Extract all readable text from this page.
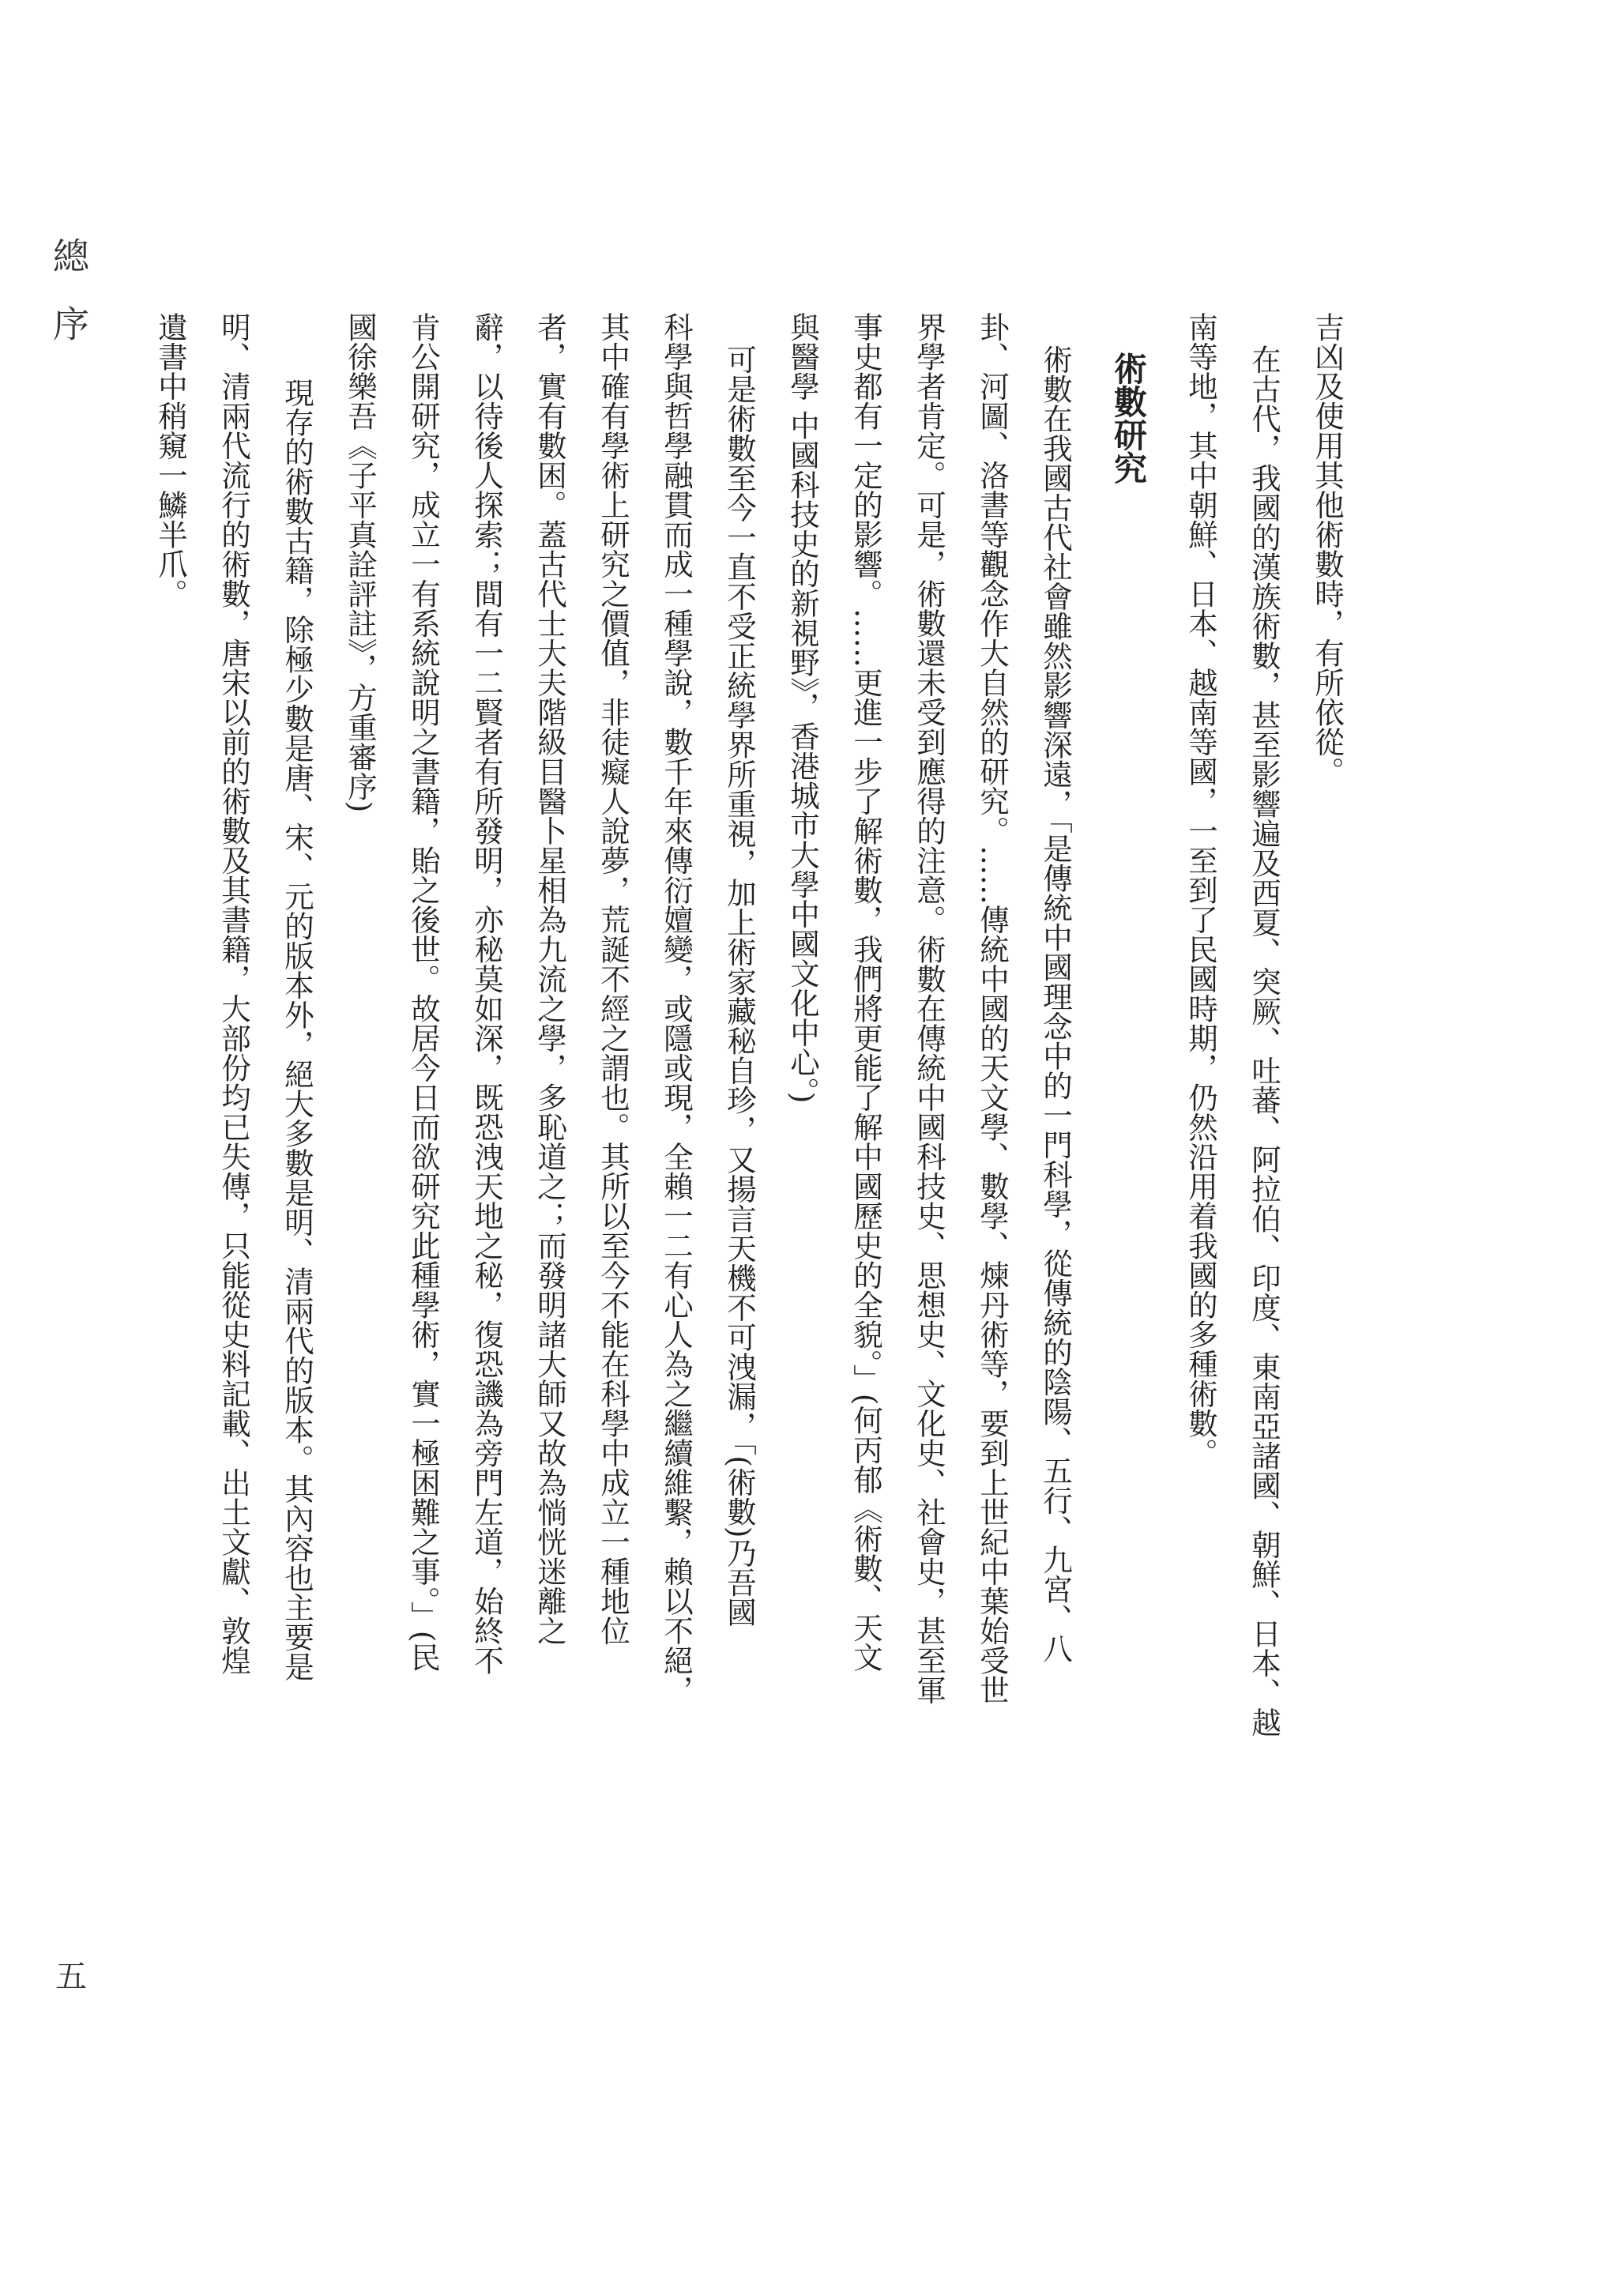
總序
吉凶及使用其他術數時，有所依從。
在古代，我國的漢族術數，甚至影響遍及西夏、突厥、吐蕃、阿拉伯、印度、東南亞諸國、朝鮮、日本、越
南等地，其中朝鮮、日本、越南等國，一至到了民國時期，仍然沿用着我國的多種術數。
術數研究
術數在我國古代社會雖然影響深遠，「是傳統中國理念中的一門科學，從傳統的陰陽、五行、九宮、八
卦、河圖、洛書等觀念作大自然的研究。……傳統中國的天文學、數學、煉丹術等，要到上世紀中葉始受世
界學者肯定。可是，術數還未受到應得的注意。術數在傳統中國科技史、思想史、文化史、社會史，甚至軍
事史都有一定的影響。……更進一步了解術數，我們將更能了解中國歷史的全貌。」(何丙郁《術數、天文
與醫學 中國科技史的新視野》，香港城市大學中國文化中心。)
可是術數至今一直不受正統學界所重視，加上術家藏秘自珍，又揚言天機不可洩漏，「(術數)乃吾國
科學與哲學融貫而成一種學說，數千年來傳衍嬗變，或隱或現，全賴一二有心人為之繼續維繫，賴以不絕，
其中確有學術上研究之價值，非徒癡人說夢，荒誕不經之謂也。其所以至今不能在科學中成立一種地位
者，實有數困。蓋古代士大夫階級目醫卜星相為九流之學，多恥道之；而發明諸大師又故為惝恍迷離之
辭，以待後人探索；間有一二賢者有所發明，亦秘莫如深，既恐洩天地之秘，復恐譏為旁門左道，始終不
肯公開研究，成立一有系統說明之書籍，貽之後世。故居今日而欲研究此種學術，實一極困難之事。」(民
國徐樂吾《子平真詮評註》，方重審序)
現存的術數古籍，除極少數是唐、宋、元的版本外，絕大多數是明、清兩代的版本。其內容也主要是
明、清兩代流行的術數，唐宋以前的術數及其書籍，大部份均已失傳，只能從史料記載、出土文獻、敦煌
遺書中稍窺一鱗半爪。
五
